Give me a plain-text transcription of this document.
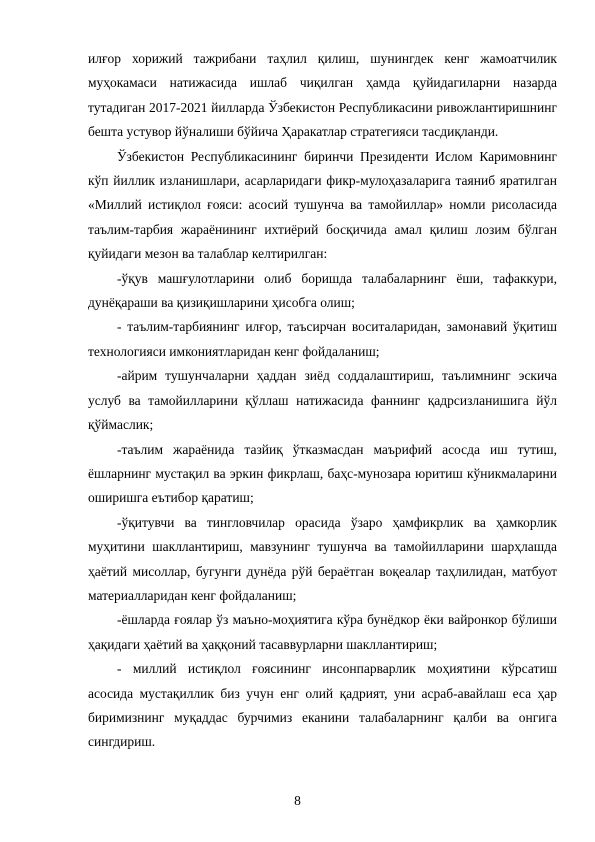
илғор хорижий тажрибани таҳлил қилиш, шунингдек кенг жамоатчилик муҳокамаси натижасида ишлаб чиқилган ҳамда қуйидагиларни назарда тутадиган 2017-2021 йилларда Ўзбекистон Республикасини ривожлантиришнинг бешта устувор йўналиши бўйича Ҳаракатлар стратегияси тасдиқланди.

Ўзбекистон Республикасининг биринчи Президенти Ислом Каримовнинг кўп йиллик изланишлари, асарларидаги фикр-мулоҳазаларига таяниб яратилган «Миллий истиқлол ғояси: асосий тушунча ва тамойиллар» номли рисоласида таълим-тарбия жараёнининг ихтиёрий босқичида амал қилиш лозим бўлган қуйидаги мезон ва талаблар келтирилган:

-ўқув машғулотларини олиб боришда талабаларнинг ёши, тафаккури, дунёқараши ва қизиқишларини ҳисобга олиш;

- таълим-тарбиянинг илғор, таъсирчан воситаларидан, замонавий ўқитиш технологияси имкониятларидан кенг фойдаланиш;

-айрим тушунчаларни ҳаддан зиёд соддалаштириш, таълимнинг эскича услуб ва тамойилларини қўллаш натижасида фаннинг қадрсизланишига йўл қўймаслик;

-таълим жараёнида тазйиқ ўтказмасдан маърифий асосда иш тутиш, ёшларнинг мустақил ва эркин фикрлаш, баҳс-мунозара юритиш кўникмаларини оширишга еътибор қаратиш;

-ўқитувчи ва тингловчилар орасида ўзаро ҳамфикрлик ва ҳамкорлик муҳитини шакллантириш, мавзунинг тушунча ва тамойилларини шарҳлашда ҳаётий мисоллар, бугунги дунёда рўй бераётган воқеалар таҳлилидан, матбуот материалларидан кенг фойдаланиш;

-ёшларда ғоялар ўз маъно-моҳиятига кўра бунёдкор ёки вайронкор бўлиши ҳақидаги ҳаётий ва ҳаққоний тасаввурларни шакллантириш;

- миллий истиқлол ғоясининг инсонпарварлик моҳиятини кўрсатиш асосида мустақиллик биз учун енг олий қадрият, уни асраб-авайлаш еса ҳар биримизнинг муқаддас бурчимиз еканини талабаларнинг қалби ва онгига сингдириш.

8
